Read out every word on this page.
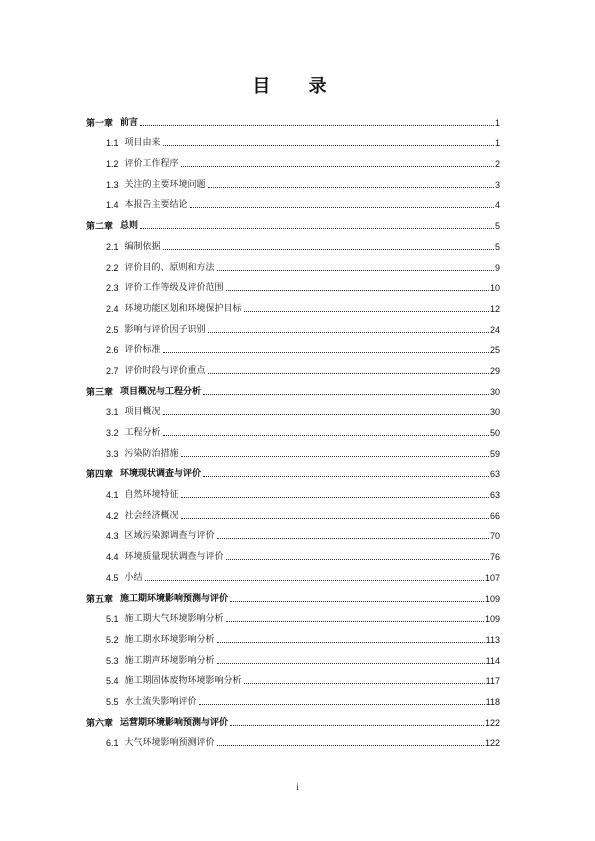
目 录
第一章 前言	1
1.1 项目由来	1
1.2 评价工作程序	2
1.3 关注的主要环境问题	3
1.4 本报告主要结论	4
第二章 总则	5
2.1 编制依据	5
2.2 评价目的、原则和方法	9
2.3 评价工作等级及评价范围	10
2.4 环境功能区划和环境保护目标	12
2.5 影响与评价因子识别	24
2.6 评价标准	25
2.7 评价时段与评价重点	29
第三章 项目概况与工程分析	30
3.1 项目概况	30
3.2 工程分析	50
3.3 污染防治措施	59
第四章 环境现状调查与评价	63
4.1 自然环境特征	63
4.2 社会经济概况	66
4.3 区域污染源调查与评价	70
4.4 环境质量现状调查与评价	76
4.5 小结	107
第五章 施工期环境影响预测与评价	109
5.1 施工期大气环境影响分析	109
5.2 施工期水环境影响分析	113
5.3 施工期声环境影响分析	114
5.4 施工期固体废物环境影响分析	117
5.5 水土流失影响评价	118
第六章 运营期环境影响预测与评价	122
6.1 大气环境影响预测评价	122
i
